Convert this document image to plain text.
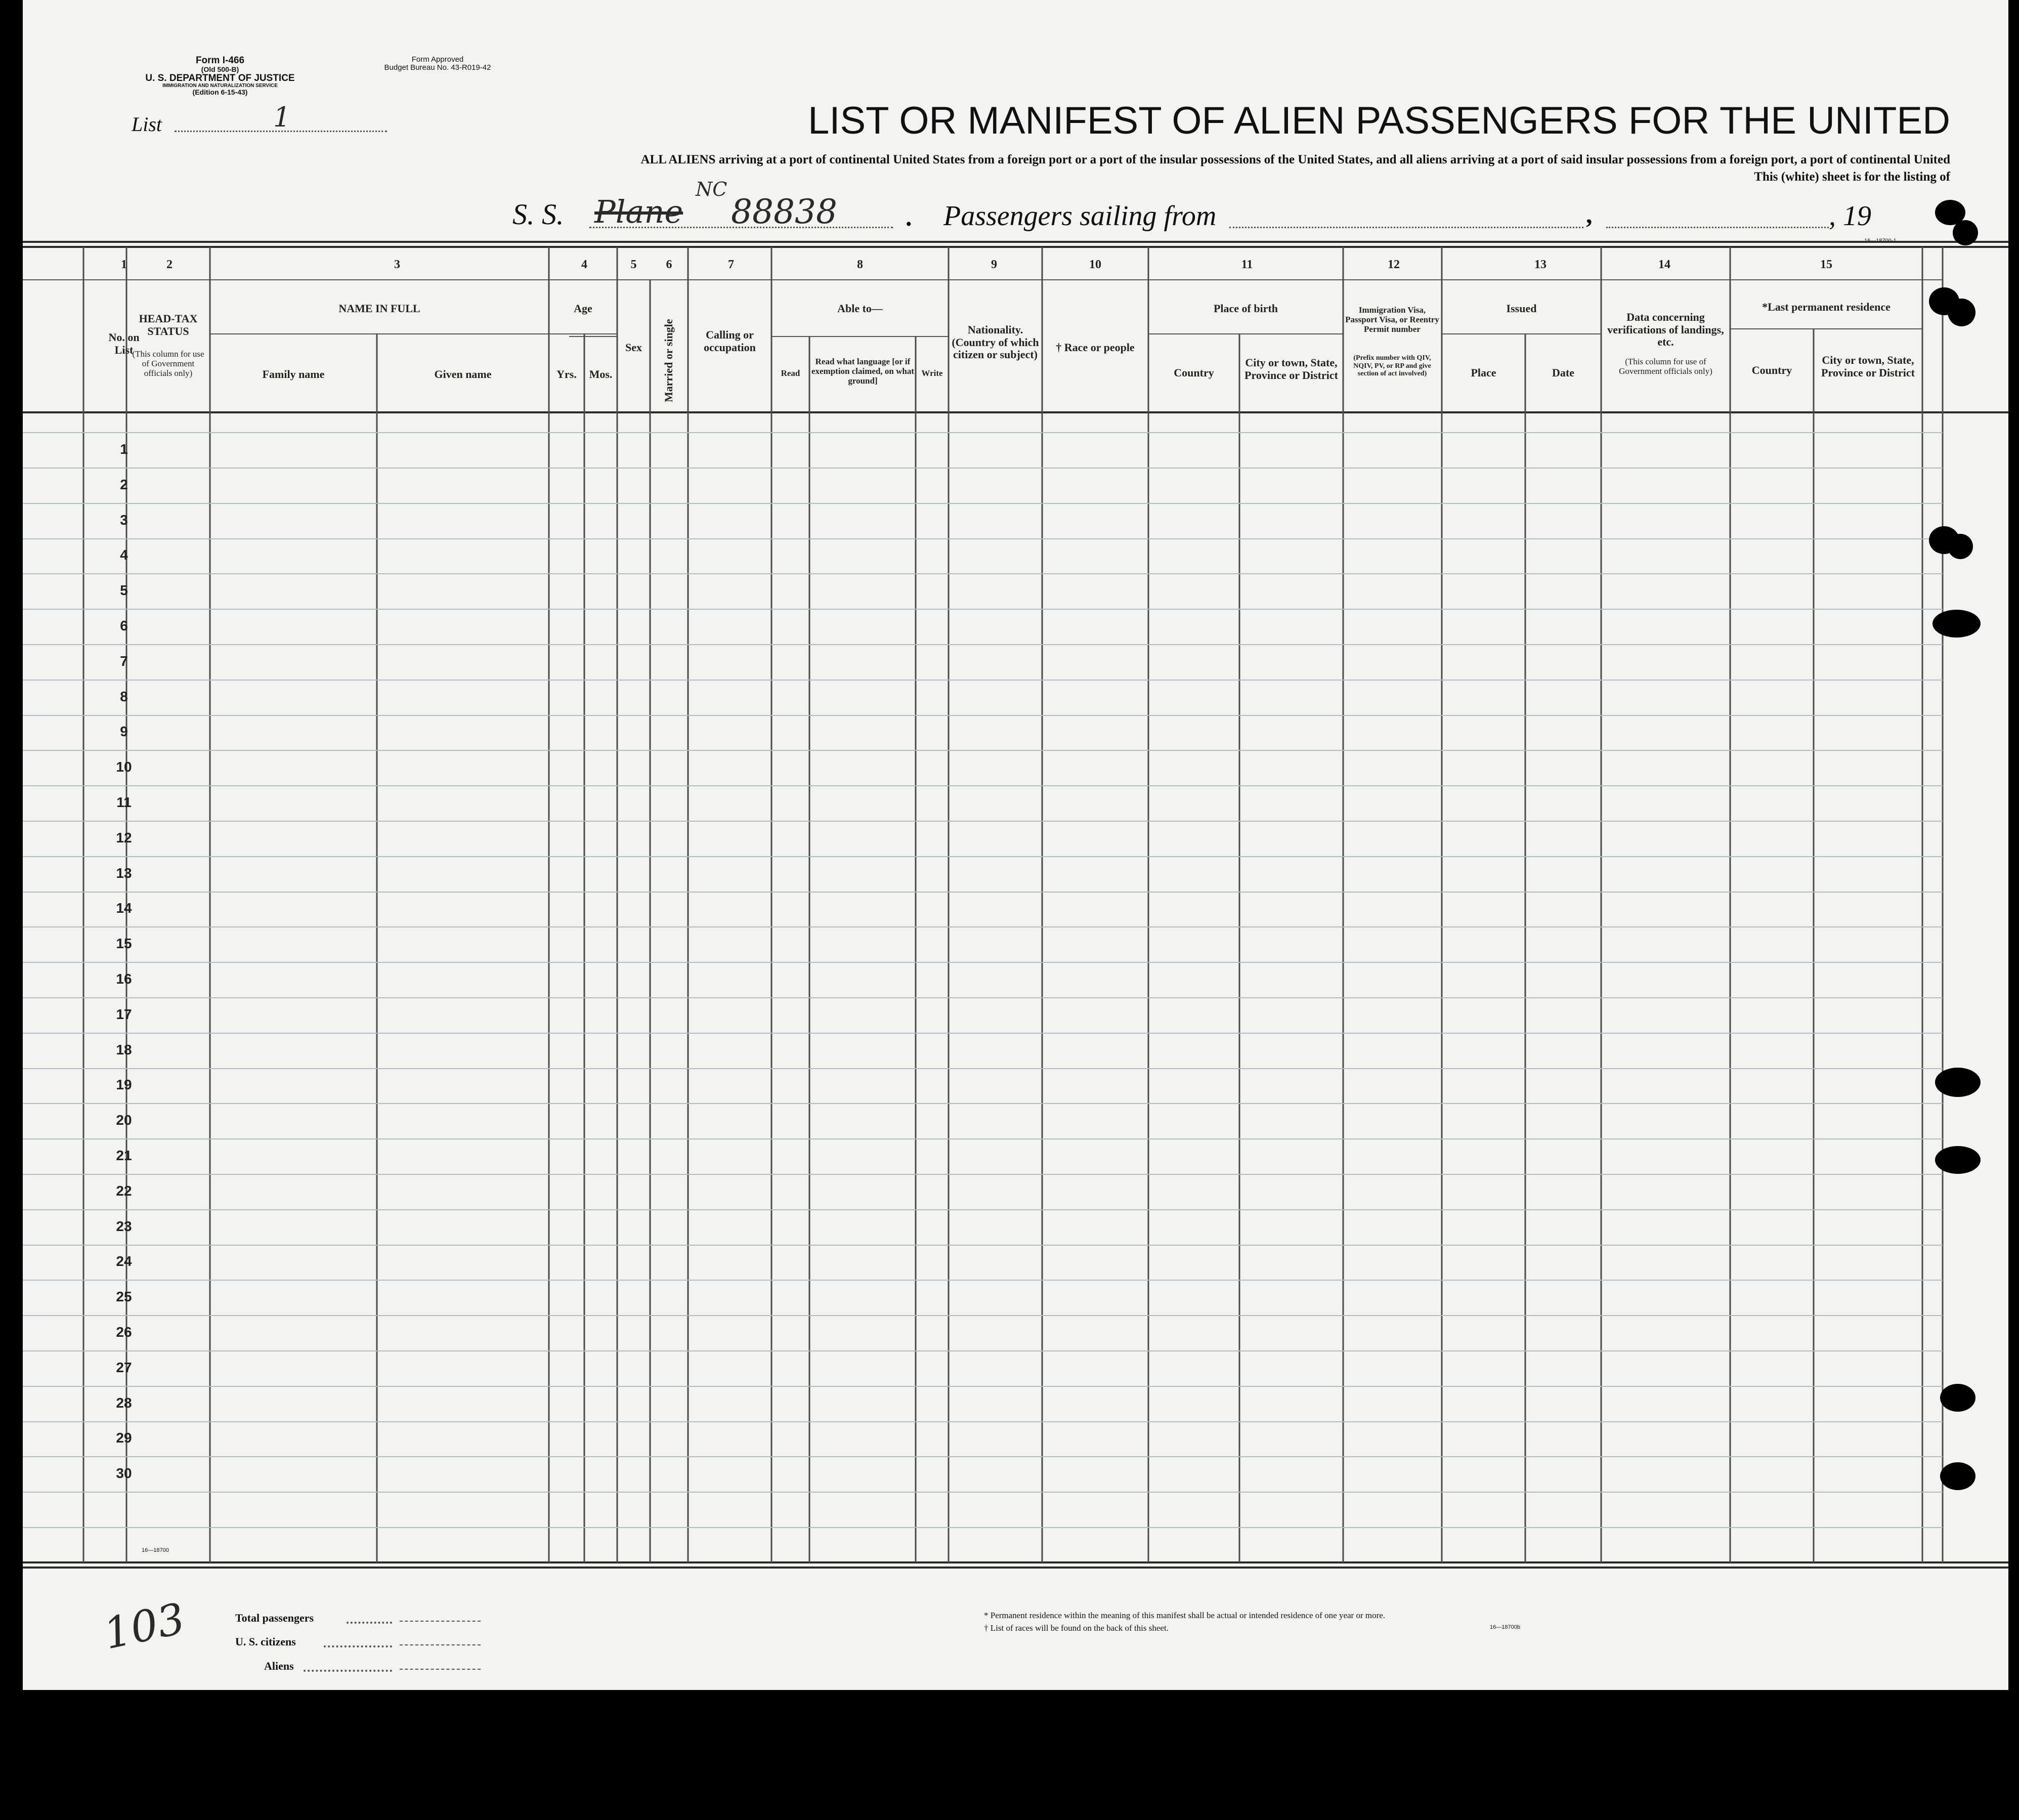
Form I-466
(Old 500-B)
U. S. DEPARTMENT OF JUSTICE
IMMIGRATION AND NATURALIZATION SERVICE
(Edition 6-15-43)
Form Approved
Budget Bureau No. 43-R019-42
List	1	LIST OR MANIFEST OF ALIEN PASSENGERS FOR THE UNITED
ALL ALIENS arriving at a port of continental United States from a foreign port or a port of the insular possessions of the United States, and all aliens arriving at a port of said insular possessions from a foreign port, a port of continental United
This (white) sheet is for the listing of
S. S. Plane
NC
88838	. Passengers sailing from	,	, 19
16—18700-1
1	2	3	4	5	6	7	8	9	10	11	12	13	14	15
No. on List
HEAD-TAX STATUS
(This column for use of Government officials only)
NAME IN FULL
Family name	Given name
Age
Yrs.	Mos.
Sex	Married or single	Calling or occupation
Able to—
Read
Read what language [or if exemption claimed, on what ground]
Write
Nationality. (Country of which citizen or subject)
† Race or people
Place of birth
Country
City or town, State, Province or District
Immigration Visa, Passport Visa, or Reentry Permit number
(Prefix number with QIV, NQIV, PV, or RP and give section of act involved)
Issued
Place	Date
Data concerning verifications of landings, etc.
(This column for use of Government officials only)
*Last permanent residence
Country
City or town, State, Province or District
1
2
3
4
5
6
7
8
9
10
11
12
13
14
15
16
17
18
19
20
21
22
23
24
25
26
27
28
29
30
16—18700
103	Total passengers
U. S. citizens
Aliens
* Permanent residence within the meaning of this manifest shall be actual or intended residence of one year or more.
† List of races will be found on the back of this sheet.	16—18700b
